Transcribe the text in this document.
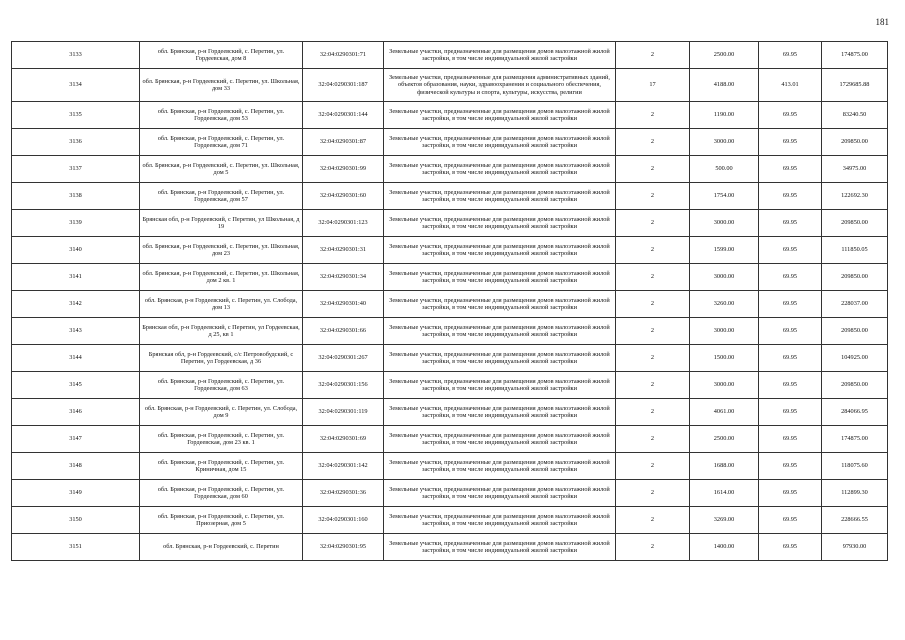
181
3133	обл. Брянская, р-н Гордеевский, с. Перетин, ул. Гордеевская, дом 8	32:04:0290301:71	Земельные участки, предназначенные для размещения домов малоэтажной жилой застройки, в том числе индивидуальной жилой застройки	2	2500.00	69.95	174875.00
3134	обл. Брянская, р-н Гордеевский, с. Перетин, ул. Школьная, дом 33	32:04:0290301:187	Земельные участки, предназначенные для размещения административных зданий, объектов образования, науки, здравоохранения и социального обеспечения, физической культуры и спорта, культуры, искусства, религии	17	4188.00	413.01	1729685.88
3135	обл. Брянская, р-н Гордеевский, с. Перетин, ул. Гордеевская, дом 53	32:04:0290301:144	Земельные участки, предназначенные для размещения домов малоэтажной жилой застройки, в том числе индивидуальной жилой застройки	2	1190.00	69.95	83240.50
3136	обл. Брянская, р-н Гордеевский, с. Перетин, ул. Гордеевская, дом 71	32:04:0290301:87	Земельные участки, предназначенные для размещения домов малоэтажной жилой застройки, в том числе индивидуальной жилой застройки	2	3000.00	69.95	209850.00
3137	обл. Брянская, р-н Гордеевский, с. Перетин, ул. Школьная, дом 5	32:04:0290301:99	Земельные участки, предназначенные для размещения домов малоэтажной жилой застройки, в том числе индивидуальной жилой застройки	2	500.00	69.95	34975.00
3138	обл. Брянская, р-н Гордеевский, с. Перетин, ул. Гордеевская, дом 57	32:04:0290301:60	Земельные участки, предназначенные для размещения домов малоэтажной жилой застройки, в том числе индивидуальной жилой застройки	2	1754.00	69.95	122692.30
3139	Брянская обл, р-н Гордеевский, с Перетин, ул Школьная, д 19	32:04:0290301:123	Земельные участки, предназначенные для размещения домов малоэтажной жилой застройки, в том числе индивидуальной жилой застройки	2	3000.00	69.95	209850.00
3140	обл. Брянская, р-н Гордеевский, с. Перетин, ул. Школьная, дом 23	32:04:0290301:31	Земельные участки, предназначенные для размещения домов малоэтажной жилой застройки, в том числе индивидуальной жилой застройки	2	1599.00	69.95	111850.05
3141	обл. Брянская, р-н Гордеевский, с. Перетин, ул. Школьная, дом 2 кв. 1	32:04:0290301:34	Земельные участки, предназначенные для размещения домов малоэтажной жилой застройки, в том числе индивидуальной жилой застройки	2	3000.00	69.95	209850.00
3142	обл. Брянская, р-н Гордеевский, с. Перетин, ул. Слобода, дом 13	32:04:0290301:40	Земельные участки, предназначенные для размещения домов малоэтажной жилой застройки, в том числе индивидуальной жилой застройки	2	3260.00	69.95	228037.00
3143	Брянская обл, р-н Гордеевский, с Перетин, ул Гордеевская, д 25, кв 1	32:04:0290301:66	Земельные участки, предназначенные для размещения домов малоэтажной жилой застройки, в том числе индивидуальной жилой застройки	2	3000.00	69.95	209850.00
3144	Брянская обл, р-н Гордеевский, с/с Петровобудский, с Перетин, ул Гордеевская, д 36	32:04:0290301:267	Земельные участки, предназначенные для размещения домов малоэтажной жилой застройки, в том числе индивидуальной жилой застройки	2	1500.00	69.95	104925.00
3145	обл. Брянская, р-н Гордеевский, с. Перетин, ул. Гордеевская, дом 63	32:04:0290301:156	Земельные участки, предназначенные для размещения домов малоэтажной жилой застройки, в том числе индивидуальной жилой застройки	2	3000.00	69.95	209850.00
3146	обл. Брянская, р-н Гордеевский, с. Перетин, ул. Слобода, дом 9	32:04:0290301:119	Земельные участки, предназначенные для размещения домов малоэтажной жилой застройки, в том числе индивидуальной жилой застройки	2	4061.00	69.95	284066.95
3147	обл. Брянская, р-н Гордеевский, с. Перетин, ул. Гордеевская, дом 23 кв. 1	32:04:0290301:69	Земельные участки, предназначенные для размещения домов малоэтажной жилой застройки, в том числе индивидуальной жилой застройки	2	2500.00	69.95	174875.00
3148	обл. Брянская, р-н Гордеевский, с. Перетин, ул. Криничная, дом 15	32:04:0290301:142	Земельные участки, предназначенные для размещения домов малоэтажной жилой застройки, в том числе индивидуальной жилой застройки	2	1688.00	69.95	118075.60
3149	обл. Брянская, р-н Гордеевский, с. Перетин, ул. Гордеевская, дом 60	32:04:0290301:36	Земельные участки, предназначенные для размещения домов малоэтажной жилой застройки, в том числе индивидуальной жилой застройки	2	1614.00	69.95	112899.30
3150	обл. Брянская, р-н Гордеевский, с. Перетин, ул. Приозерная, дом 5	32:04:0290301:160	Земельные участки, предназначенные для размещения домов малоэтажной жилой застройки, в том числе индивидуальной жилой застройки	2	3269.00	69.95	228666.55
3151	обл. Брянская, р-н Гордеевский, с. Перетин	32:04:0290301:95	Земельные участки, предназначенные для размещения домов малоэтажной жилой застройки, в том числе индивидуальной жилой застройки	2	1400.00	69.95	97930.00
